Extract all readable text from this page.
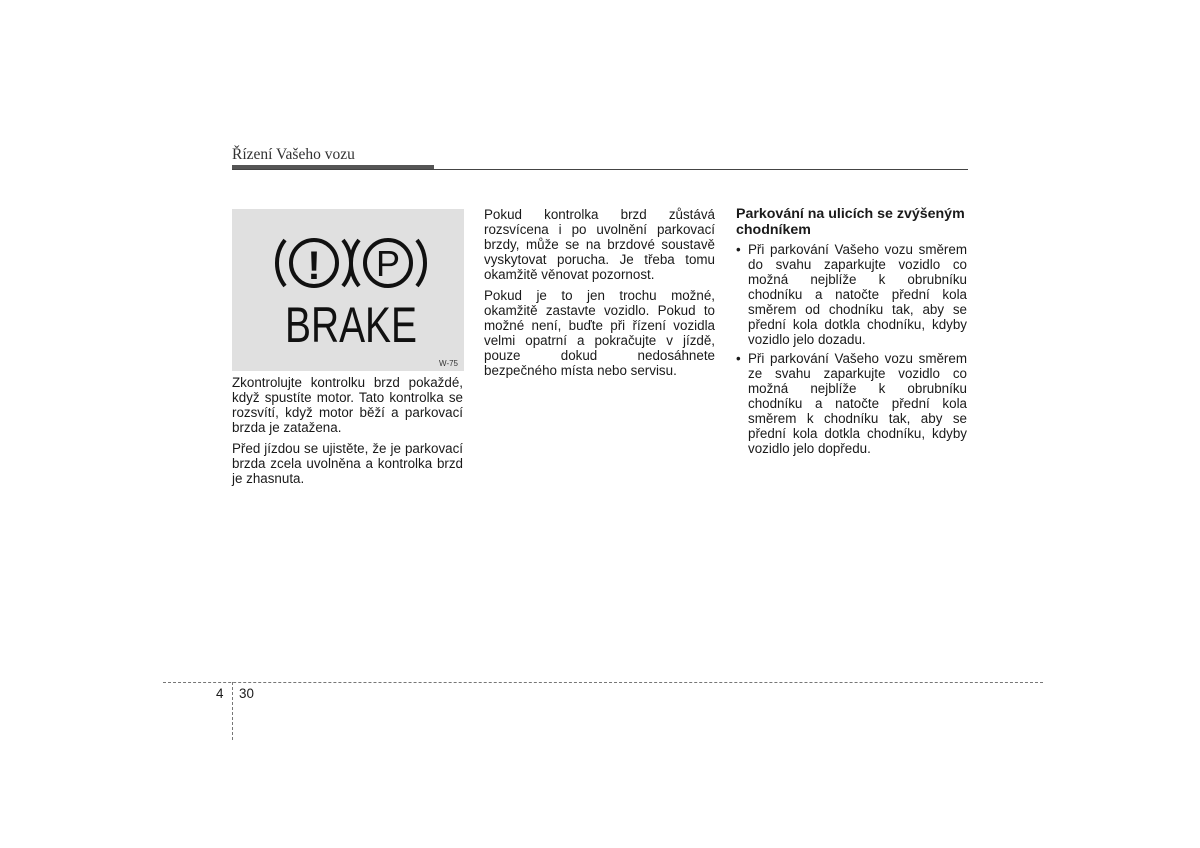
Řízení Vašeho vozu
! P
BRAKE
W-75

Zkontrolujte kontrolku brzd pokaždé, když spustíte motor. Tato kontrolka se rozsvítí, když motor běží a parkovací brzda je zatažena.

Před jízdou se ujistěte, že je parkovací brzda zcela uvolněna a kontrolka brzd je zhasnuta.

Pokud kontrolka brzd zůstává rozsvícena i po uvolnění parkovací brzdy, může se na brzdové soustavě vyskytovat porucha. Je třeba tomu okamžitě věnovat pozornost.

Pokud je to jen trochu možné, okamžitě zastavte vozidlo. Pokud to možné není, buďte při řízení vozidla velmi opatrní a pokračujte v jízdě, pouze dokud nedosáhnete bezpečného místa nebo servisu.

Parkování na ulicích se zvýšeným chodníkem
• Při parkování Vašeho vozu směrem do svahu zaparkujte vozidlo co možná nejblíže k obrubníku chodníku a natočte přední kola směrem od chodníku tak, aby se přední kola dotkla chodníku, kdyby vozidlo jelo dozadu.
• Při parkování Vašeho vozu směrem ze svahu zaparkujte vozidlo co možná nejblíže k obrubníku chodníku a natočte přední kola směrem k chodníku tak, aby se přední kola dotkla chodníku, kdyby vozidlo jelo dopředu.
4 30
